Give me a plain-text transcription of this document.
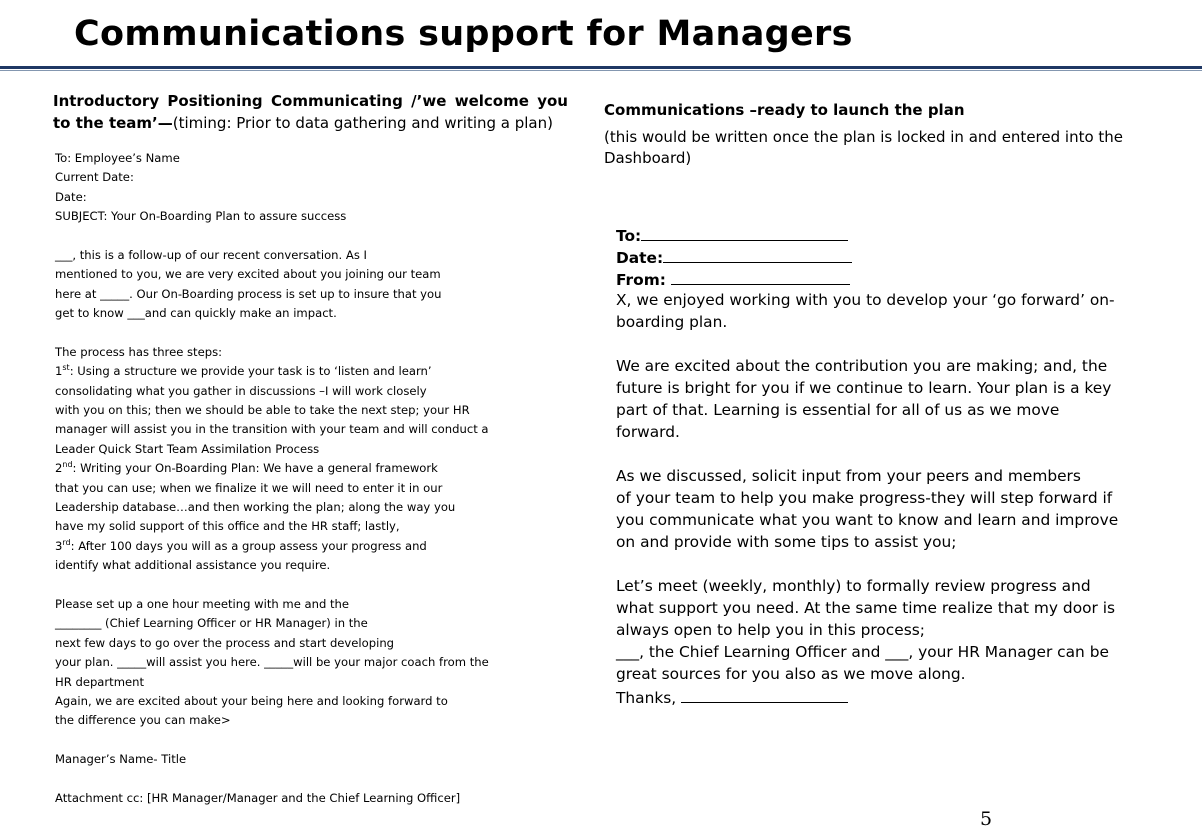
Communications support for Managers

Introductory Positioning Communicating /’we welcome you to the team’—(timing: Prior to data gathering and writing a plan)

To: Employee’s Name
Current Date:
Date:
SUBJECT: Your On-Boarding Plan to assure success
___, this is a follow-up of our recent conversation. As I
mentioned to you, we are very excited about you joining our team
here at _____. Our On-Boarding process is set up to insure that you
get to know ___and can quickly make an impact.
The process has three steps:
1st: Using a structure we provide your task is to ‘listen and learn’
consolidating what you gather in discussions –I will work closely
with you on this; then we should be able to take the next step; your HR
manager will assist you in the transition with your team and will conduct a
Leader Quick Start Team Assimilation Process
2nd: Writing your On-Boarding Plan: We have a general framework
that you can use; when we finalize it we will need to enter it in our
Leadership database…and then working the plan; along the way you
have my solid support of this office and the HR staff; lastly,
3rd: After 100 days you will as a group assess your progress and
identify what additional assistance you require.
Please set up a one hour meeting with me and the
________ (Chief Learning Officer or HR Manager) in the
next few days to go over the process and start developing
your plan. _____will assist you here. _____will be your major coach from the
HR department
Again, we are excited about your being here and looking forward to
the difference you can make>
Manager’s Name- Title
Attachment cc: [HR Manager/Manager and the Chief Learning Officer]

Communications –ready to launch the plan

(this would be written once the plan is locked in and entered into the Dashboard)

To:
Date:
From:
X, we enjoyed working with you to develop your ‘go forward’ on-
boarding plan.
We are excited about the contribution you are making; and, the
future is bright for you if we continue to learn. Your plan is a key
part of that. Learning is essential for all of us as we move
forward.
As we discussed, solicit input from your peers and members
of your team to help you make progress-they will step forward if
you communicate what you want to know and learn and improve
on and provide with some tips to assist you;
Let’s meet (weekly, monthly) to formally review progress and
what support you need. At the same time realize that my door is
always open to help you in this process;
___, the Chief Learning Officer and ___, your HR Manager can be
great sources for you also as we move along.
Thanks,
5
